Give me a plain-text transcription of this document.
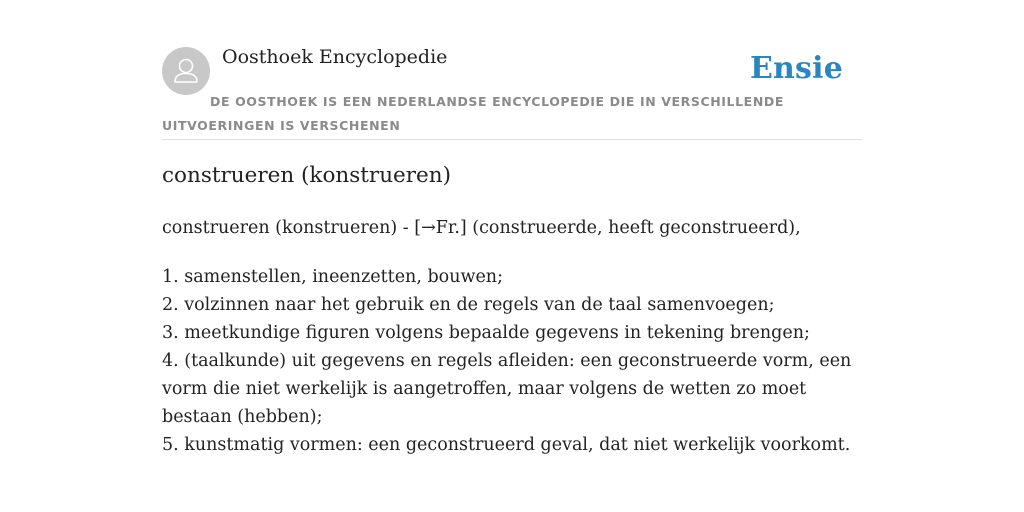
Oosthoek Encyclopedie	Ensie
DE OOSTHOEK IS EEN NEDERLANDSE ENCYCLOPEDIE DIE IN VERSCHILLENDE UITVOERINGEN IS VERSCHENEN
construeren (konstrueren)
construeren (konstrueren) - [→Fr.] (construeerde, heeft geconstrueerd),
1. samenstellen, ineenzetten, bouwen;
2. volzinnen naar het gebruik en de regels van de taal samenvoegen;
3. meetkundige figuren volgens bepaalde gegevens in tekening brengen;
4. (taalkunde) uit gegevens en regels afleiden: een geconstrueerde vorm, een vorm die niet werkelijk is aangetroffen, maar volgens de wetten zo moet bestaan (hebben);
5. kunstmatig vormen: een geconstrueerd geval, dat niet werkelijk voorkomt.
